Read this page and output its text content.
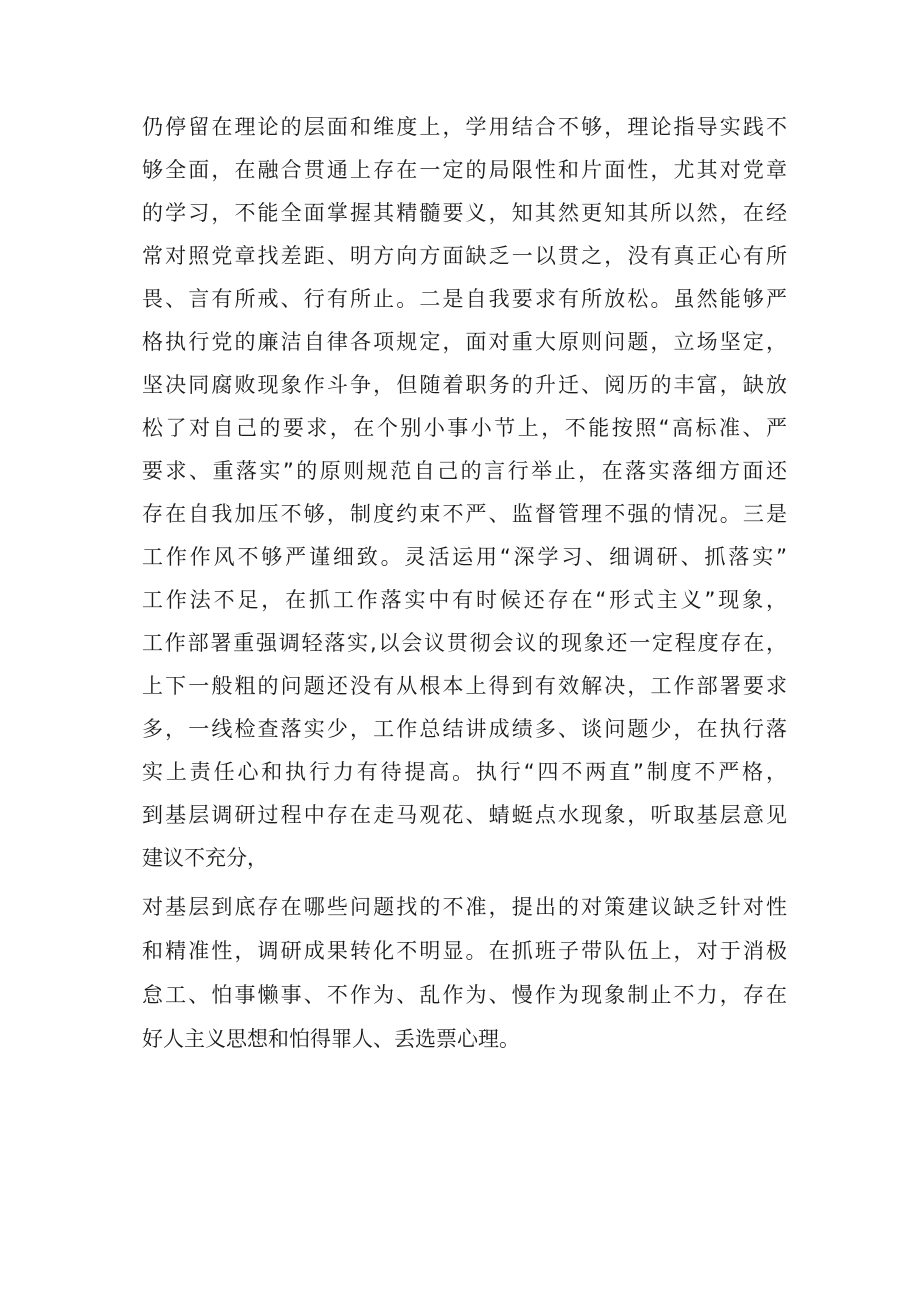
仍停留在理论的层面和维度上，学用结合不够，理论指导实践不
够全面，在融合贯通上存在一定的局限性和片面性，尤其对党章
的学习，不能全面掌握其精髓要义，知其然更知其所以然，在经
常对照党章找差距、明方向方面缺乏一以贯之，没有真正心有所
畏、言有所戒、行有所止。二是自我要求有所放松。虽然能够严
格执行党的廉洁自律各项规定，面对重大原则问题，立场坚定，
坚决同腐败现象作斗争，但随着职务的升迁、阅历的丰富，缺放
松了对自己的要求，在个别小事小节上，不能按照“高标准、严
要求、重落实”的原则规范自己的言行举止，在落实落细方面还
存在自我加压不够，制度约束不严、监督管理不强的情况。三是
工作作风不够严谨细致。灵活运用“深学习、细调研、抓落实”
工作法不足，在抓工作落实中有时候还存在“形式主义”现象，
工作部署重强调轻落实,以会议贯彻会议的现象还一定程度存在，
上下一般粗的问题还没有从根本上得到有效解决，工作部署要求
多，一线检查落实少，工作总结讲成绩多、谈问题少，在执行落
实上责任心和执行力有待提高。执行“四不两直”制度不严格，
到基层调研过程中存在走马观花、蜻蜓点水现象，听取基层意见
建议不充分，
对基层到底存在哪些问题找的不准，提出的对策建议缺乏针对性
和精准性，调研成果转化不明显。在抓班子带队伍上，对于消极
怠工、怕事懒事、不作为、乱作为、慢作为现象制止不力，存在
好人主义思想和怕得罪人、丢选票心理。
